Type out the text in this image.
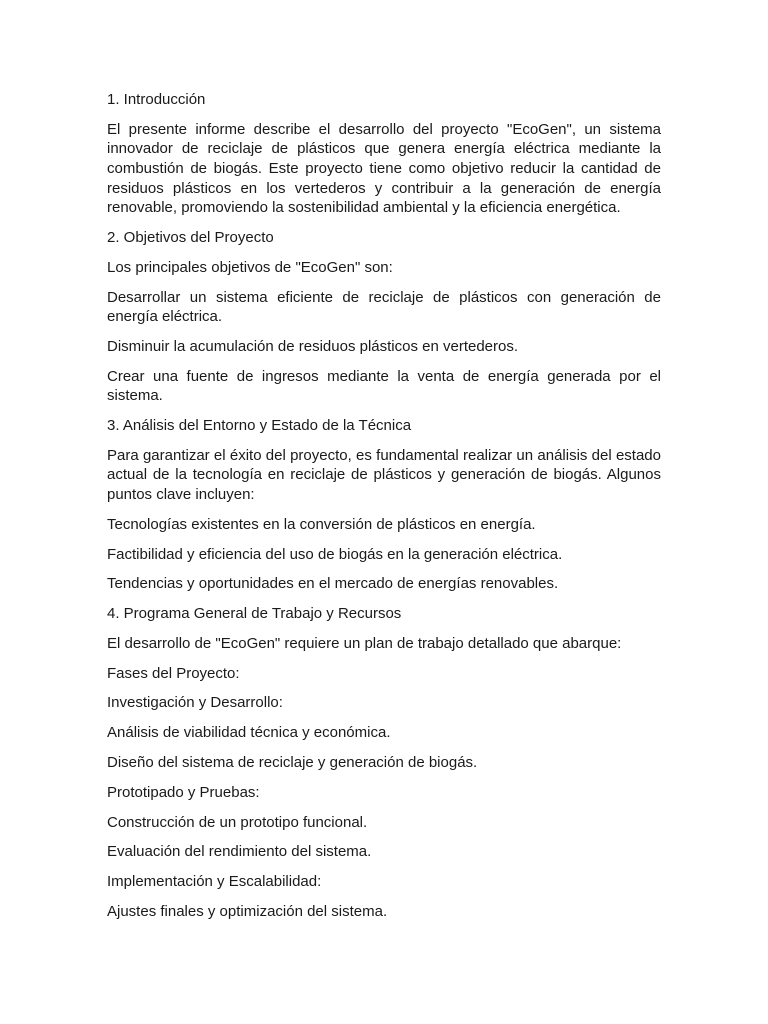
1. Introducción

El presente informe describe el desarrollo del proyecto "EcoGen", un sistema innovador de reciclaje de plásticos que genera energía eléctrica mediante la combustión de biogás. Este proyecto tiene como objetivo reducir la cantidad de residuos plásticos en los vertederos y contribuir a la generación de energía renovable, promoviendo la sostenibilidad ambiental y la eficiencia energética.

2. Objetivos del Proyecto

Los principales objetivos de "EcoGen" son:

Desarrollar un sistema eficiente de reciclaje de plásticos con generación de energía eléctrica.

Disminuir la acumulación de residuos plásticos en vertederos.

Crear una fuente de ingresos mediante la venta de energía generada por el sistema.

3. Análisis del Entorno y Estado de la Técnica

Para garantizar el éxito del proyecto, es fundamental realizar un análisis del estado actual de la tecnología en reciclaje de plásticos y generación de biogás. Algunos puntos clave incluyen:

Tecnologías existentes en la conversión de plásticos en energía.

Factibilidad y eficiencia del uso de biogás en la generación eléctrica.

Tendencias y oportunidades en el mercado de energías renovables.

4. Programa General de Trabajo y Recursos

El desarrollo de "EcoGen" requiere un plan de trabajo detallado que abarque:

Fases del Proyecto:

Investigación y Desarrollo:

Análisis de viabilidad técnica y económica.

Diseño del sistema de reciclaje y generación de biogás.

Prototipado y Pruebas:

Construcción de un prototipo funcional.

Evaluación del rendimiento del sistema.

Implementación y Escalabilidad:

Ajustes finales y optimización del sistema.
